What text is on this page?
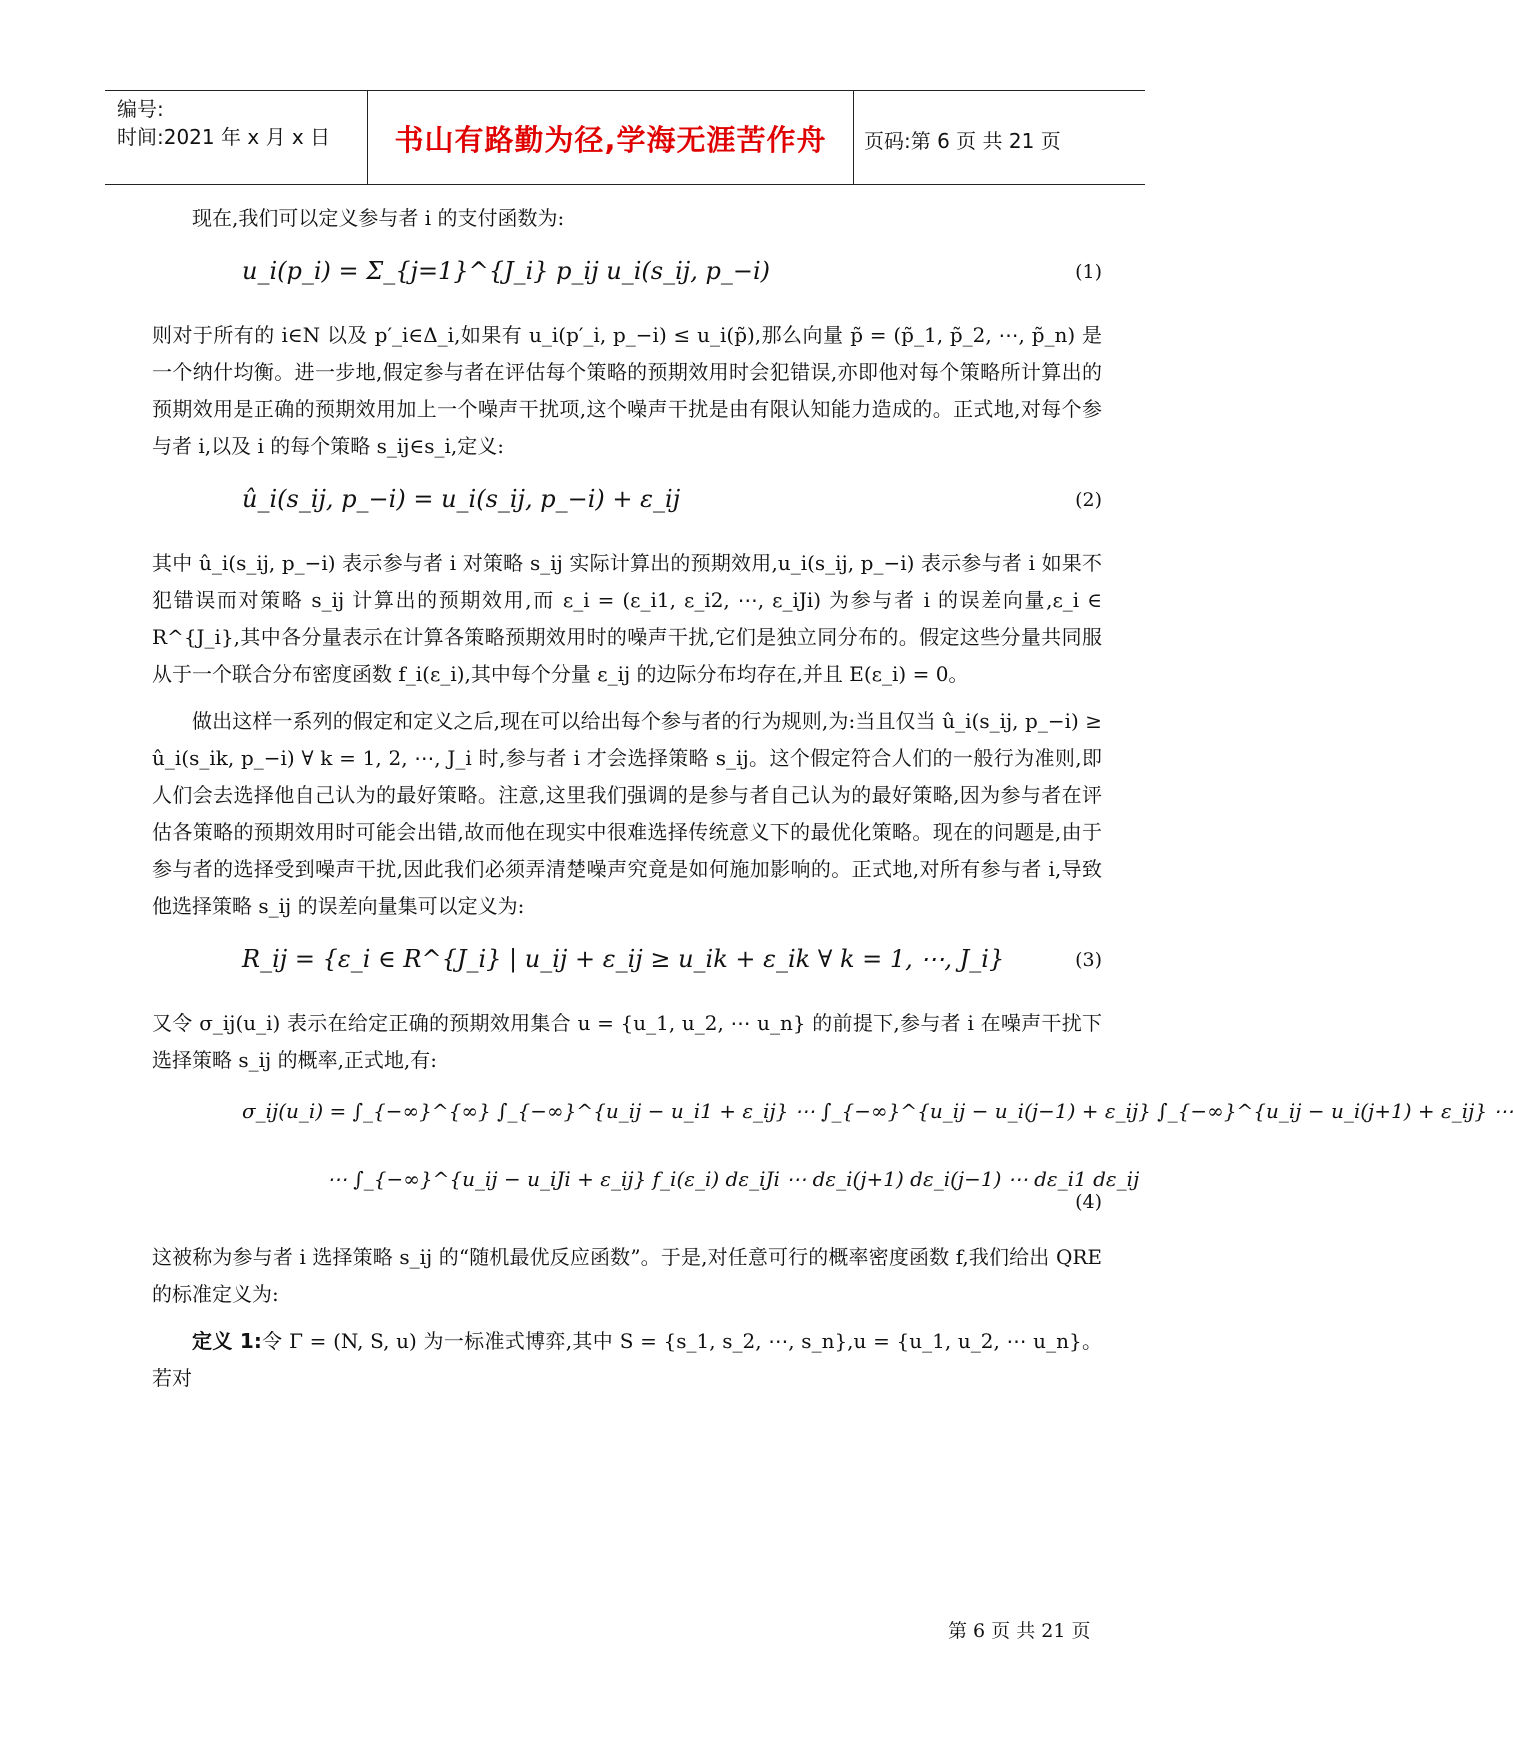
编号:
时间:2021 年 x 月 x 日	书山有路勤为径,学海无涯苦作舟	页码:第 6 页 共 21 页

现在,我们可以定义参与者 i 的支付函数为:

u_i(p_i) = Σ_{j=1}^{J_i} p_ij u_i(s_ij, p_−i)	(1)

则对于所有的 i∈N 以及 p′_i∈Δ_i,如果有 u_i(p′_i, p_−i) ≤ u_i(p̃),那么向量 p̃ = (p̃_1, p̃_2, ⋯, p̃_n) 是一个纳什均衡。进一步地,假定参与者在评估每个策略的预期效用时会犯错误,亦即他对每个策略所计算出的预期效用是正确的预期效用加上一个噪声干扰项,这个噪声干扰是由有限认知能力造成的。正式地,对每个参与者 i,以及 i 的每个策略 s_ij∈s_i,定义:

û_i(s_ij, p_−i) = u_i(s_ij, p_−i) + ε_ij	(2)

其中 û_i(s_ij, p_−i) 表示参与者 i 对策略 s_ij 实际计算出的预期效用,u_i(s_ij, p_−i) 表示参与者 i 如果不犯错误而对策略 s_ij 计算出的预期效用,而 ε_i = (ε_i1, ε_i2, ⋯, ε_iJi) 为参与者 i 的误差向量,ε_i ∈ R^{J_i},其中各分量表示在计算各策略预期效用时的噪声干扰,它们是独立同分布的。假定这些分量共同服从于一个联合分布密度函数 f_i(ε_i),其中每个分量 ε_ij 的边际分布均存在,并且 E(ε_i) = 0。

做出这样一系列的假定和定义之后,现在可以给出每个参与者的行为规则,为:当且仅当 û_i(s_ij, p_−i) ≥ û_i(s_ik, p_−i) ∀ k = 1, 2, ⋯, J_i 时,参与者 i 才会选择策略 s_ij。这个假定符合人们的一般行为准则,即人们会去选择他自己认为的最好策略。注意,这里我们强调的是参与者自己认为的最好策略,因为参与者在评估各策略的预期效用时可能会出错,故而他在现实中很难选择传统意义下的最优化策略。现在的问题是,由于参与者的选择受到噪声干扰,因此我们必须弄清楚噪声究竟是如何施加影响的。正式地,对所有参与者 i,导致他选择策略 s_ij 的误差向量集可以定义为:

R_ij = {ε_i ∈ R^{J_i} | u_ij + ε_ij ≥ u_ik + ε_ik ∀ k = 1, ⋯, J_i}	(3)

又令 σ_ij(u_i) 表示在给定正确的预期效用集合 u = {u_1, u_2, ⋯ u_n} 的前提下,参与者 i 在噪声干扰下选择策略 s_ij 的概率,正式地,有:

σ_ij(u_i) = ∫_{−∞}^{∞} ∫_{−∞}^{u_ij − u_i1 + ε_ij} ⋯ ∫_{−∞}^{u_ij − u_i(j−1) + ε_ij} ∫_{−∞}^{u_ij − u_i(j+1) + ε_ij} ⋯
⋯ ∫_{−∞}^{u_ij − u_iJi + ε_ij} f_i(ε_i) dε_iJi ⋯ dε_i(j+1) dε_i(j−1) ⋯ dε_i1 dε_ij
(4)

这被称为参与者 i 选择策略 s_ij 的“随机最优反应函数”。于是,对任意可行的概率密度函数 f,我们给出 QRE 的标准定义为:

定义 1:令 Γ = (N, S, u) 为一标准式博弈,其中 S = {s_1, s_2, ⋯, s_n},u = {u_1, u_2, ⋯ u_n}。若对

第 6 页 共 21 页
